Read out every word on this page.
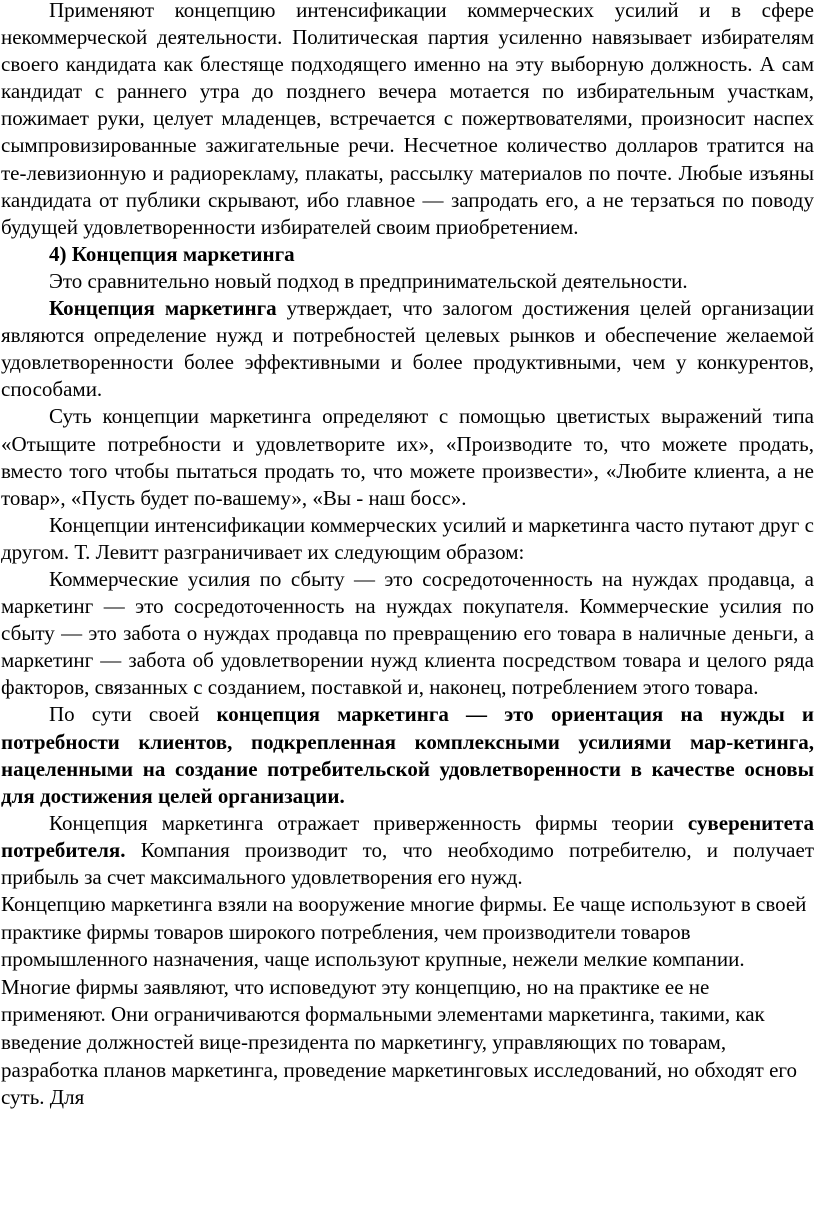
Применяют концепцию интенсификации коммерческих усилий и в сфере некоммерческой деятельности. Политическая партия усиленно навязывает избирателям своего кандидата как блестяще подходящего именно на эту выборную должность. А сам кандидат с раннего утра до позднего вечера мотается по избирательным участкам, пожимает руки, целует младенцев, встречается с пожертвователями, произносит наспех сымпровизированные зажигательные речи. Несчетное количество долларов тратится на те-левизионную и радиорекламу, плакаты, рассылку материалов по почте. Любые изъяны кандидата от публики скрывают, ибо главное — запродать его, а не терзаться по поводу будущей удовлетворенности избирателей своим приобретением.

4) Концепция маркетинга

Это сравнительно новый подход в предпринимательской деятельности.

Концепция маркетинга утверждает, что залогом достижения целей организации являются определение нужд и потребностей целевых рынков и обеспечение желаемой удовлетворенности более эффективными и более продуктивными, чем у конкурентов, способами.

Суть концепции маркетинга определяют с помощью цветистых выражений типа «Отыщите потребности и удовлетворите их», «Производите то, что можете продать, вместо того чтобы пытаться продать то, что можете произвести», «Любите клиента, а не товар», «Пусть будет по-вашему», «Вы - наш босс».

Концепции интенсификации коммерческих усилий и маркетинга часто путают друг с другом. Т. Левитт разграничивает их следующим образом:

Коммерческие усилия по сбыту — это сосредоточенность на нуждах продавца, а маркетинг — это сосредоточенность на нуждах покупателя. Коммерческие усилия по сбыту — это забота о нуждах продавца по превращению его товара в наличные деньги, а маркетинг — забота об удовлетворении нужд клиента посредством товара и целого ряда факторов, связанных с созданием, поставкой и, наконец, потреблением этого товара.

По сути своей концепция маркетинга — это ориентация на нужды и потребности клиентов, подкрепленная комплексными усилиями мар-кетинга, нацеленными на создание потребительской удовлетворенности в качестве основы для достижения целей организации.

Концепция маркетинга отражает приверженность фирмы теории суверенитета потребителя. Компания производит то, что необходимо потребителю, и получает прибыль за счет максимального удовлетворения его нужд.

Концепцию маркетинга взяли на вооружение многие фирмы. Ее чаще используют в своей практике фирмы товаров широкого потребления, чем производители товаров промышленного назначения, чаще используют крупные, нежели мелкие компании. Многие фирмы заявляют, что исповедуют эту концепцию, но на практике ее не применяют. Они ограничиваются формальными элементами маркетинга, такими, как введение должностей вице-президента по маркетингу, управляющих по товарам, разработка планов маркетинга, проведение маркетинговых исследований, но обходят его суть. Для
